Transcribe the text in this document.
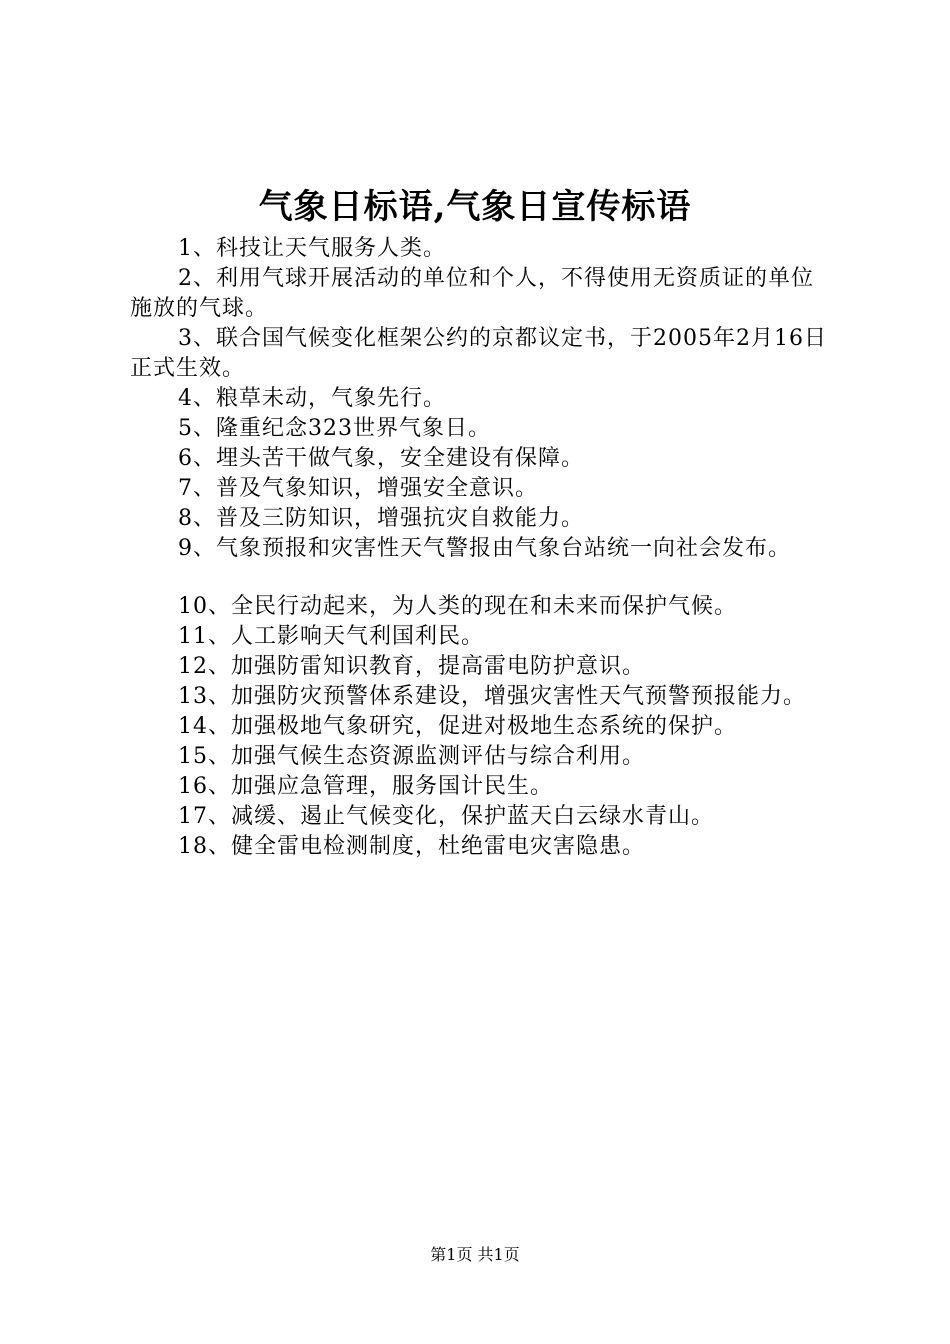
气象日标语,气象日宣传标语

1、科技让天气服务人类。

2、利用气球开展活动的单位和个人，不得使用无资质证的单位施放的气球。

3、联合国气候变化框架公约的京都议定书，于2005年2月16日正式生效。

4、粮草未动，气象先行。

5、隆重纪念323世界气象日。

6、埋头苦干做气象，安全建设有保障。

7、普及气象知识，增强安全意识。

8、普及三防知识，增强抗灾自救能力。

9、气象预报和灾害性天气警报由气象台站统一向社会发布。

10、全民行动起来，为人类的现在和未来而保护气候。

11、人工影响天气利国利民。

12、加强防雷知识教育，提高雷电防护意识。

13、加强防灾预警体系建设，增强灾害性天气预警预报能力。

14、加强极地气象研究，促进对极地生态系统的保护。

15、加强气候生态资源监测评估与综合利用。

16、加强应急管理，服务国计民生。

17、减缓、遏止气候变化，保护蓝天白云绿水青山。

18、健全雷电检测制度，杜绝雷电灾害隐患。

第1页 共1页
